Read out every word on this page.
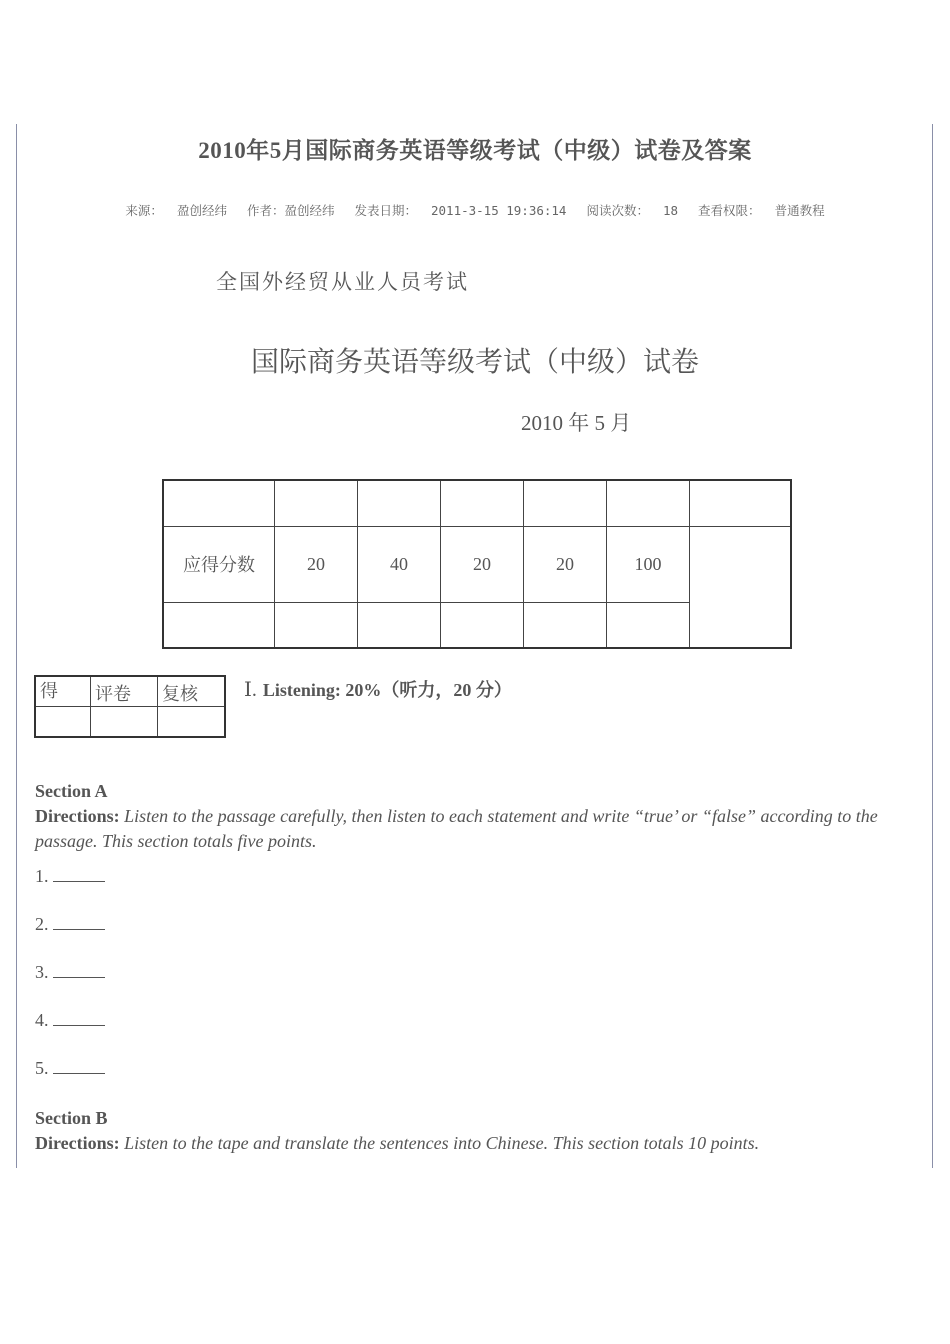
2010年5月国际商务英语等级考试（中级）试卷及答案
来源： 盈创经纬 作者：盈创经纬 发表日期： 2011-3-15 19:36:14 阅读次数： 18 查看权限： 普通教程
全国外经贸从业人员考试
国际商务英语等级考试（中级）试卷
2010 年 5 月

应得分数	20	40	20	20	100	

得	评卷	复核
		Ⅰ. Listening: 20%（听力，20 分）
Section A
Directions: Listen to the passage carefully, then listen to each statement and write “true’ or “false” according to the passage. This section totals five points.
1.
2.
3.
4.
5.
Section B
Directions: Listen to the tape and translate the sentences into Chinese. This section totals 10 points.
